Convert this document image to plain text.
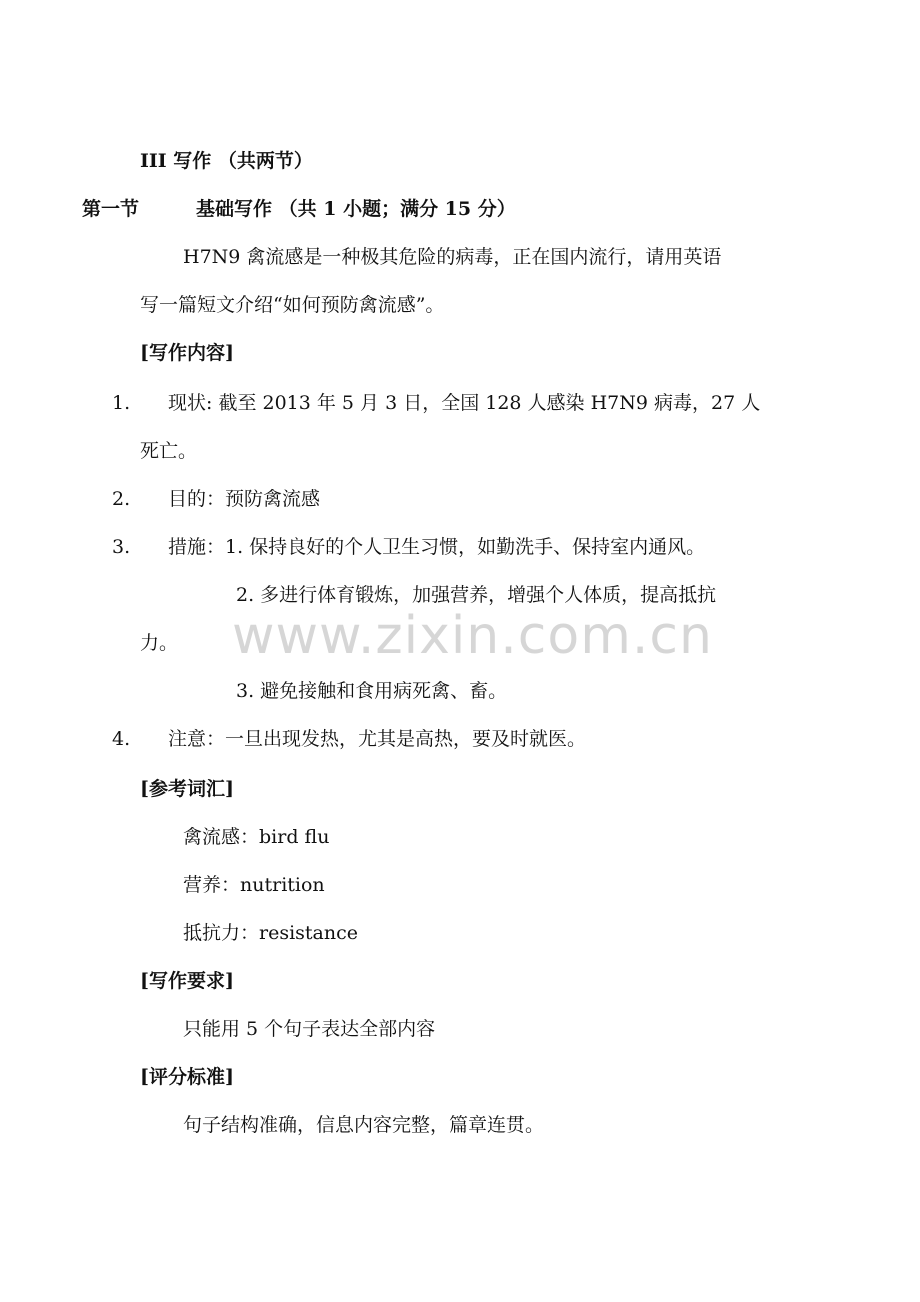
III 写作 （共两节）
第一节	基础写作 （共 1 小题；满分 15 分）
H7N9 禽流感是一种极其危险的病毒，正在国内流行，请用英语
写一篇短文介绍“如何预防禽流感”。
[写作内容]
1. 现状: 截至 2013 年 5 月 3 日，全国 128 人感染 H7N9 病毒，27 人
死亡。
2. 目的：预防禽流感
3. 措施：1. 保持良好的个人卫生习惯，如勤洗手、保持室内通风。
2. 多进行体育锻炼，加强营养，增强个人体质，提高抵抗
力。
3. 避免接触和食用病死禽、畜。
4. 注意：一旦出现发热，尤其是高热，要及时就医。
[参考词汇]
禽流感：bird flu
营养：nutrition
抵抗力：resistance
[写作要求]
只能用 5 个句子表达全部内容
[评分标准]
句子结构准确，信息内容完整，篇章连贯。
www.zixin.com.cn
